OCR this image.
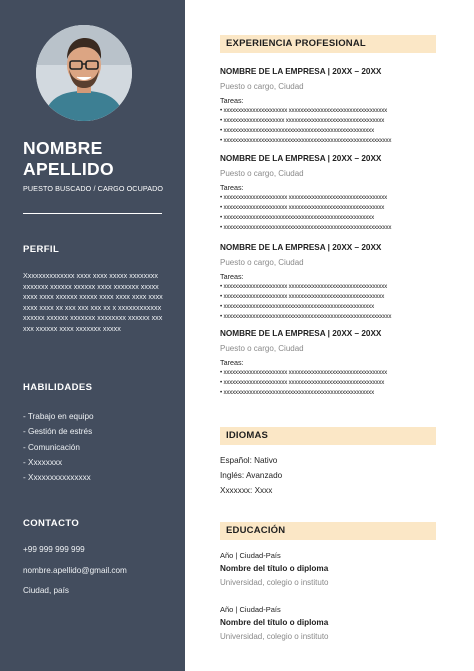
NOMBRE
APELLIDO
PUESTO BUSCADO / CARGO OCUPADO
PERFIL
Xxxxxxxxxxxxxx xxxx xxxx xxxxx xxxxxxxx xxxxxxx xxxxxx xxxxxx xxxx xxxxxxx xxxxx xxxx xxxx xxxxxx xxxxx xxxx xxxx xxxx xxxx xxxx xxxx xx xxx xxx xxx xx x xxxxxxxxxxxxxxxxxx xxxxxx xxxxxxx xxxxxxxx xxxxxx xxxxxx xxxxxx xxxx xxxxxxx xxxxx
HABILIDADES
- Trabajo en equipo
- Gestión de estrés
- Comunicación
- Xxxxxxxx
- Xxxxxxxxxxxxxxx
CONTACTO
+99 999 999 999
nombre.apellido@gmail.com
Ciudad, país
EXPERIENCIA PROFESIONAL
NOMBRE DE LA EMPRESA | 20XX – 20XX
Puesto o cargo, Ciudad
Tareas:
• xxxxxxxxxxxxxxxxxxxxxx xxxxxxxxxxxxxxxxxxxxxxxxxxxxxxxxxx
• xxxxxxxxxxxxxxxxxxxxx xxxxxxxxxxxxxxxxxxxxxxxxxxxxxxxxxx
• xxxxxxxxxxxxxxxxxxxxxxxxxxxxxxxxxxxxxxxxxxxxxxxxxxxx
• xxxxxxxxxxxxxxxxxxxxxxxxxxxxxxxxxxxxxxxxxxxxxxxxxxxxxxxxxx
NOMBRE DE LA EMPRESA | 20XX – 20XX
Puesto o cargo, Ciudad
Tareas:
• xxxxxxxxxxxxxxxxxxxxxx xxxxxxxxxxxxxxxxxxxxxxxxxxxxxxxxxx
• xxxxxxxxxxxxxxxxxxxxxx xxxxxxxxxxxxxxxxxxxxxxxxxxxxxxxxx
• xxxxxxxxxxxxxxxxxxxxxxxxxxxxxxxxxxxxxxxxxxxxxxxxxxxx
• xxxxxxxxxxxxxxxxxxxxxxxxxxxxxxxxxxxxxxxxxxxxxxxxxxxxxxxxxx
NOMBRE DE LA EMPRESA | 20XX – 20XX
Puesto o cargo, Ciudad
Tareas:
• xxxxxxxxxxxxxxxxxxxxxx xxxxxxxxxxxxxxxxxxxxxxxxxxxxxxxxxx
• xxxxxxxxxxxxxxxxxxxxxx xxxxxxxxxxxxxxxxxxxxxxxxxxxxxxxxx
• xxxxxxxxxxxxxxxxxxxxxxxxxxxxxxxxxxxxxxxxxxxxxxxxxxxx
• xxxxxxxxxxxxxxxxxxxxxxxxxxxxxxxxxxxxxxxxxxxxxxxxxxxxxxxxxx
NOMBRE DE LA EMPRESA | 20XX – 20XX
Puesto o cargo, Ciudad
Tareas:
• xxxxxxxxxxxxxxxxxxxxxx xxxxxxxxxxxxxxxxxxxxxxxxxxxxxxxxxx
• xxxxxxxxxxxxxxxxxxxxxx xxxxxxxxxxxxxxxxxxxxxxxxxxxxxxxxx
• xxxxxxxxxxxxxxxxxxxxxxxxxxxxxxxxxxxxxxxxxxxxxxxxxxxx
IDIOMAS
Español: Nativo
Inglés: Avanzado
Xxxxxxx: Xxxx
EDUCACIÓN
Año | Ciudad-País
Nombre del título o diploma
Universidad, colegio o instituto
Año | Ciudad-País
Nombre del título o diploma
Universidad, colegio o instituto
